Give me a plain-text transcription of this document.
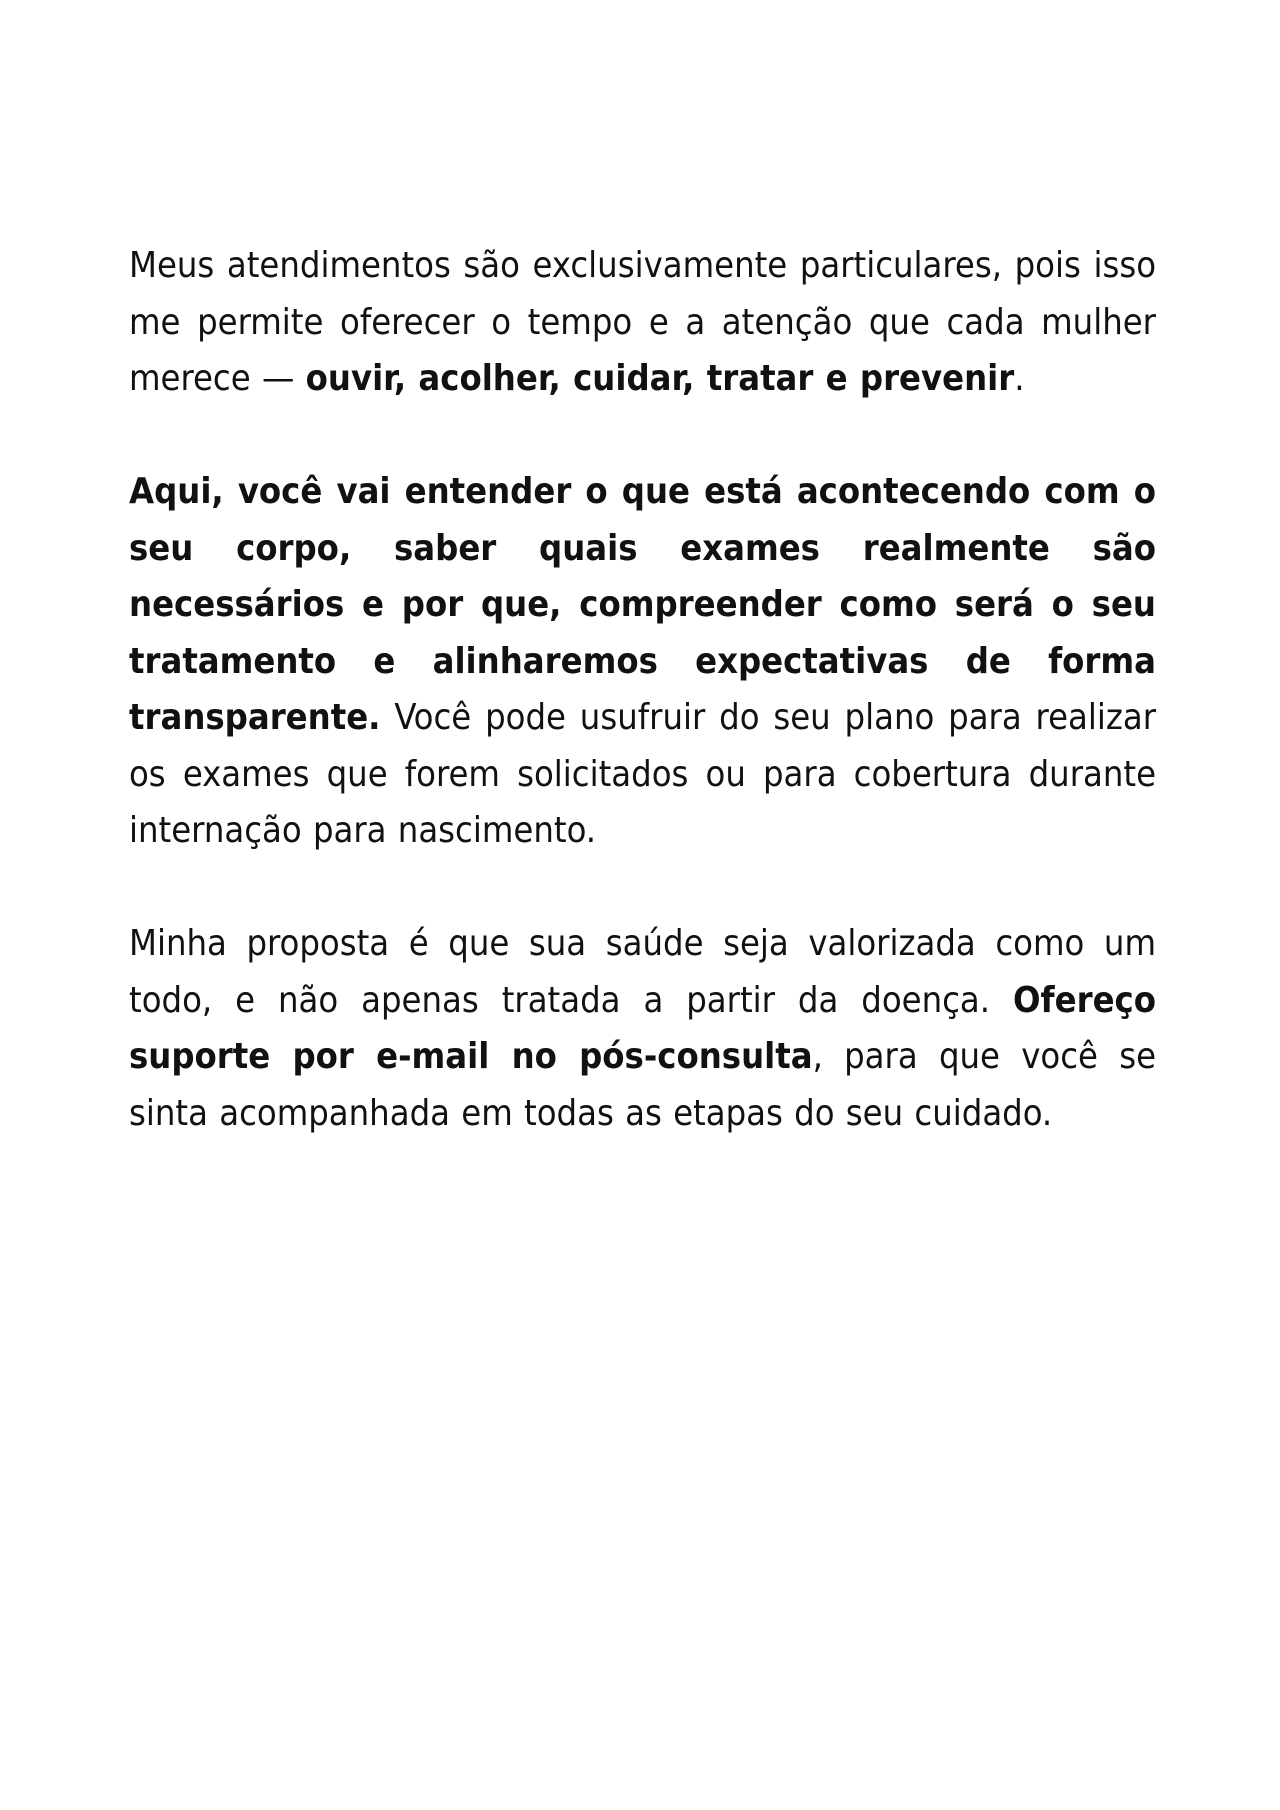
Meus atendimentos são exclusivamente particulares, pois isso me permite oferecer o tempo e a atenção que cada mulher merece — ouvir, acolher, cuidar, tratar e prevenir.

Aqui, você vai entender o que está acontecendo com o seu corpo, saber quais exames realmente são necessários e por que, compreender como será o seu tratamento e alinharemos expectativas de forma transparente. Você pode usufruir do seu plano para realizar os exames que forem solicitados ou para cobertura durante internação para nascimento.

Minha proposta é que sua saúde seja valorizada como um todo, e não apenas tratada a partir da doença. Ofereço suporte por e-mail no pós-consulta, para que você se sinta acompanhada em todas as etapas do seu cuidado.
